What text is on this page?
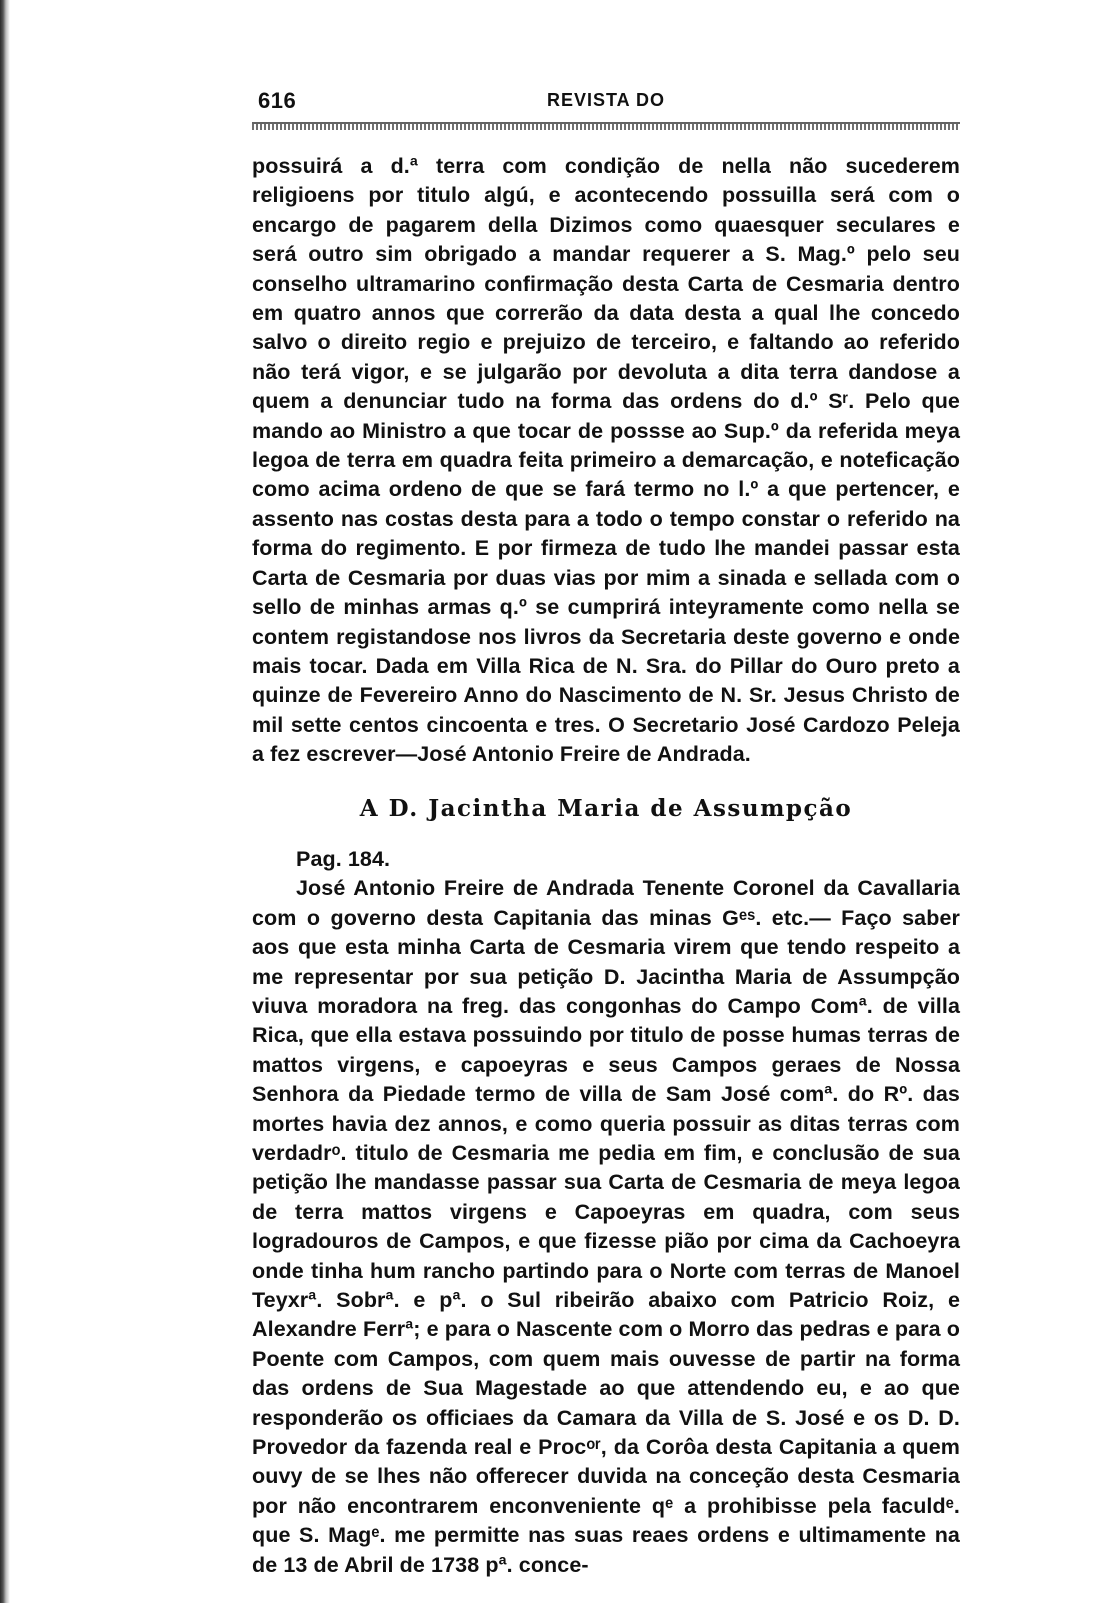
616	REVISTA DO

possuirá a d.ª terra com condição de nella não sucederem religioens por titulo algú, e acontecendo possuilla será com o encargo de pagarem della Dizimos como quaesquer seculares e será outro sim obrigado a mandar requerer a S. Mag.º pelo seu conselho ultramarino confirmação desta Carta de Cesmaria dentro em quatro annos que correrão da data desta a qual lhe concedo salvo o direito regio e prejuizo de terceiro, e faltando ao referido não terá vigor, e se julgarão por devoluta a dita terra dandose a quem a denunciar tudo na forma das ordens do d.º Sʳ. Pelo que mando ao Ministro a que tocar de possse ao Sup.º da referida meya legoa de terra em quadra feita primeiro a demarcação, e noteficação como acima ordeno de que se fará termo no l.º a que pertencer, e assento nas costas desta para a todo o tempo constar o referido na forma do regimento. E por firmeza de tudo lhe mandei passar esta Carta de Cesmaria por duas vias por mim a sinada e sellada com o sello de minhas armas q.º se cumprirá inteyramente como nella se contem registandose nos livros da Secretaria deste governo e onde mais tocar. Dada em Villa Rica de N. Sra. do Pillar do Ouro preto a quinze de Fevereiro Anno do Nascimento de N. Sr. Jesus Christo de mil sette centos cincoenta e tres. O Secretario José Cardozo Peleja a fez escrever—José Antonio Freire de Andrada.

A D. Jacintha Maria de Assumpção

Pag. 184.

José Antonio Freire de Andrada Tenente Coronel da Cavallaria com o governo desta Capitania das minas Gᵉˢ. etc.— Faço saber aos que esta minha Carta de Cesmaria virem que tendo respeito a me representar por sua petição D. Jacintha Maria de Assumpção viuva moradora na freg. das congonhas do Campo Comª. de villa Rica, que ella estava possuindo por titulo de posse humas terras de mattos virgens, e capoeyras e seus Campos geraes de Nossa Senhora da Piedade termo de villa de Sam José comª. do Rº. das mortes havia dez annos, e como queria possuir as ditas terras com verdadrᵒ. titulo de Cesmaria me pedia em fim, e conclusão de sua petição lhe mandasse passar sua Carta de Cesmaria de meya legoa de terra mattos virgens e Capoeyras em quadra, com seus logradouros de Campos, e que fizesse pião por cima da Cachoeyra onde tinha hum rancho partindo para o Norte com terras de Manoel Teyxrª. Sobrª. e pª. o Sul ribeirão abaixo com Patricio Roiz, e Alexandre Ferrª; e para o Nascente com o Morro das pedras e para o Poente com Campos, com quem mais ouvesse de partir na forma das ordens de Sua Magestade ao que attendendo eu, e ao que responderão os officiaes da Camara da Villa de S. José e os D. D. Provedor da fazenda real e Procᵒʳ, da Corôa desta Capitania a quem ouvy de se lhes não offerecer duvida na conceção desta Cesmaria por não encontrarem enconveniente qᵉ a prohibisse pela faculdᵉ. que S. Magᵉ. me permitte nas suas reaes ordens e ultimamente na de 13 de Abril de 1738 pª. conce-
